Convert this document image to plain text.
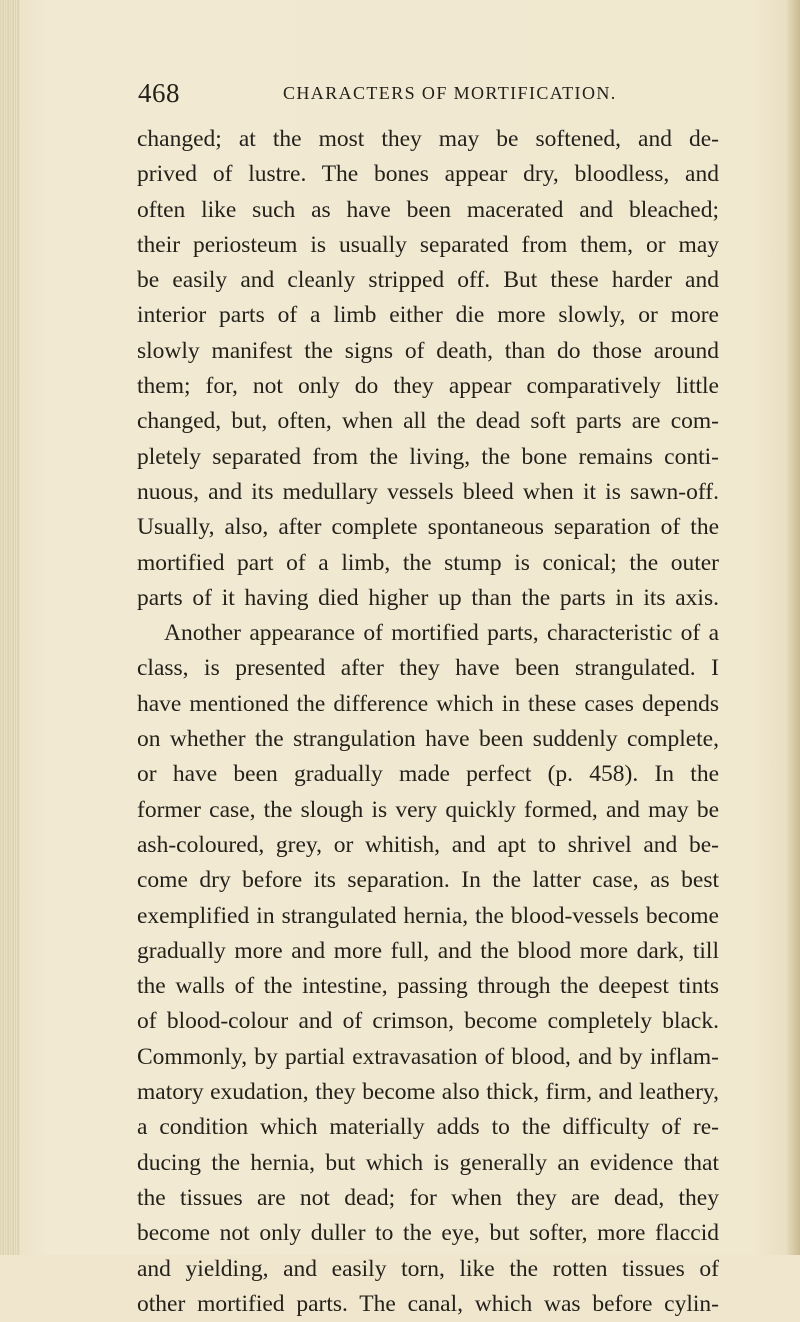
468	CHARACTERS OF MORTIFICATION.
changed; at the most they may be softened, and de-
prived of lustre. The bones appear dry, bloodless, and
often like such as have been macerated and bleached;
their periosteum is usually separated from them, or may
be easily and cleanly stripped off. But these harder and
interior parts of a limb either die more slowly, or more
slowly manifest the signs of death, than do those around
them; for, not only do they appear comparatively little
changed, but, often, when all the dead soft parts are com-
pletely separated from the living, the bone remains conti-
nuous, and its medullary vessels bleed when it is sawn-off.
Usually, also, after complete spontaneous separation of the
mortified part of a limb, the stump is conical; the outer
parts of it having died higher up than the parts in its axis.
Another appearance of mortified parts, characteristic of a
class, is presented after they have been strangulated. I
have mentioned the difference which in these cases depends
on whether the strangulation have been suddenly complete,
or have been gradually made perfect (p. 458). In the
former case, the slough is very quickly formed, and may be
ash-coloured, grey, or whitish, and apt to shrivel and be-
come dry before its separation. In the latter case, as best
exemplified in strangulated hernia, the blood-vessels become
gradually more and more full, and the blood more dark, till
the walls of the intestine, passing through the deepest tints
of blood-colour and of crimson, become completely black.
Commonly, by partial extravasation of blood, and by inflam-
matory exudation, they become also thick, firm, and leathery,
a condition which materially adds to the difficulty of re-
ducing the hernia, but which is generally an evidence that
the tissues are not dead; for when they are dead, they
become not only duller to the eye, but softer, more flaccid
and yielding, and easily torn, like the rotten tissues of
other mortified parts. The canal, which was before cylin-
